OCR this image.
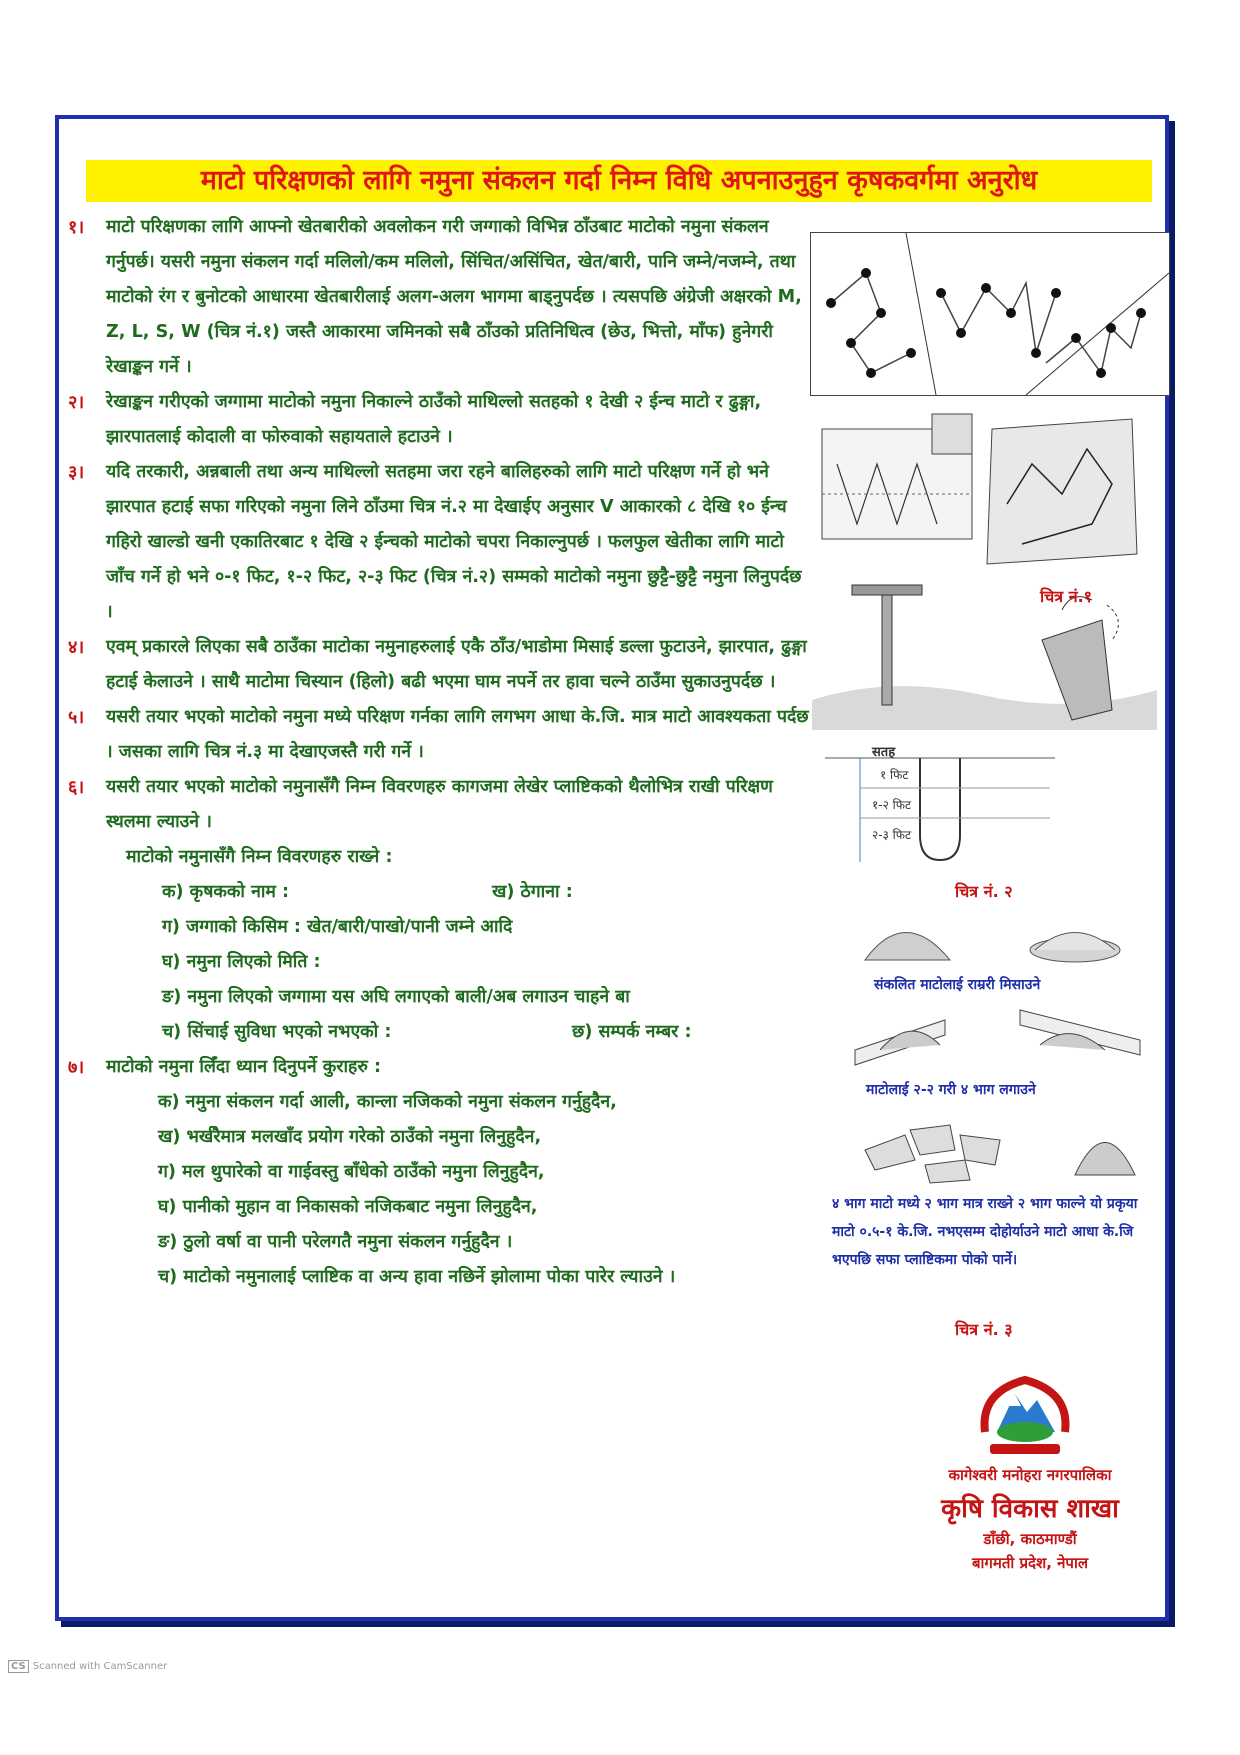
माटो परिक्षणको लागि नमुना संकलन गर्दा निम्न विधि अपनाउनुहुन कृषकवर्गमा अनुरोध

१। माटो परिक्षणका लागि आफ्नो खेतबारीको अवलोकन गरी जग्गाको विभिन्न ठाँउबाट माटोको नमुना संकलन गर्नुपर्छ। यसरी नमुना संकलन गर्दा मलिलो/कम मलिलो, सिंचित/असिंचित, खेत/बारी, पानि जम्ने/नजम्ने, तथा माटोको रंग र बुनोटको आधारमा खेतबारीलाई अलग-अलग भागमा बाड्नुपर्दछ । त्यसपछि अंग्रेजी अक्षरको M, Z, L, S, W (चित्र नं.१) जस्तै आकारमा जमिनको सबै ठाँउको प्रतिनिधित्व (छेउ, भित्तो, माँफ) हुनेगरी रेखाङ्कन गर्ने ।

२। रेखाङ्कन गरीएको जग्गामा माटोको नमुना निकाल्ने ठाउँको माथिल्लो सतहको १ देखी २ ईन्च माटो र ढुङ्गा, झारपातलाई कोदाली वा फोरुवाको सहायताले हटाउने ।

३। यदि तरकारी, अन्नबाली तथा अन्य माथिल्लो सतहमा जरा रहने बालिहरुको लागि माटो परिक्षण गर्ने हो भने झारपात हटाई सफा गरिएको नमुना लिने ठाँउमा चित्र नं.२ मा देखाईए अनुसार V आकारको ८ देखि १० ईन्च गहिरो खाल्डो खनी एकातिरबाट १ देखि २ ईन्चको माटोको चपरा निकाल्नुपर्छ । फलफुल खेतीका लागि माटो जाँच गर्ने हो भने ०-१ फिट, १-२ फिट, २-३ फिट (चित्र नं.२) सम्मको माटोको नमुना छुट्टै-छुट्टै नमुना लिनुपर्दछ ।

४। एवम् प्रकारले लिएका सबै ठाउँका माटोका नमुनाहरुलाई एकै ठाँउ/भाडोमा मिसाई डल्ला फुटाउने, झारपात, ढुङ्गा हटाई केलाउने । साथै माटोमा चिस्यान (हिलो) बढी भएमा घाम नपर्ने तर हावा चल्ने ठाउँमा सुकाउनुपर्दछ ।

५। यसरी तयार भएको माटोको नमुना मध्ये परिक्षण गर्नका लागि लगभग आधा के.जि. मात्र माटो आवश्यकता पर्दछ । जसका लागि चित्र नं.३ मा देखाएजस्तै गरी गर्ने ।

६। यसरी तयार भएको माटोको नमुनासँगै निम्न विवरणहरु कागजमा लेखेर प्लाष्टिकको थैलोभित्र राखी परिक्षण स्थलमा ल्याउने ।

माटोको नमुनासँगै निम्न विवरणहरु राख्ने :
क) कृषकको नाम :	ख) ठेगाना :
ग) जग्गाको किसिम : खेत/बारी/पाखो/पानी जम्ने आदि
घ) नमुना लिएको मिति :
ङ) नमुना लिएको जग्गामा यस अघि लगाएको बाली/अब लगाउन चाहने बा
च) सिंचाई सुविधा भएको नभएको :	छ) सम्पर्क नम्बर :

७। माटोको नमुना लिँदा ध्यान दिनुपर्ने कुराहरु :

क) नमुना संकलन गर्दा आली, कान्ला नजिकको नमुना संकलन गर्नुहुदैन,
ख) भर्खरैमात्र मलखाँद प्रयोग गरेको ठाउँको नमुना लिनुहुदैन,
ग) मल थुपारेको वा गाईवस्तु बाँधेको ठाउँको नमुना लिनुहुदैन,
घ) पानीको मुहान वा निकासको नजिकबाट नमुना लिनुहुदैन,
ङ) ठुलो वर्षा वा पानी परेलगतै नमुना संकलन गर्नुहुदैन ।
च) माटोको नमुनालाई प्लाष्टिक वा अन्य हावा नछिर्ने झोलामा पोका पारेर ल्याउने ।
चित्र नं.१
सतह
१ फिट
१-२ फिट
२-३ फिट
चित्र नं. २
संकलित माटोलाई राम्ररी मिसाउने
माटोलाई २-२ गरी ४ भाग लगाउने
४ भाग माटो मध्ये २ भाग मात्र राख्ने २ भाग फाल्ने यो प्रकृया माटो ०.५-१ के.जि. नभएसम्म दोहोर्याउने माटो आधा के.जि भएपछि सफा प्लाष्टिकमा पोको पार्ने।
चित्र नं. ३
कागेश्वरी मनोहरा नगरपालिका
कृषि विकास शाखा
डाँछी, काठमाण्डौं
बागमती प्रदेश, नेपाल
CS Scanned with CamScanner
